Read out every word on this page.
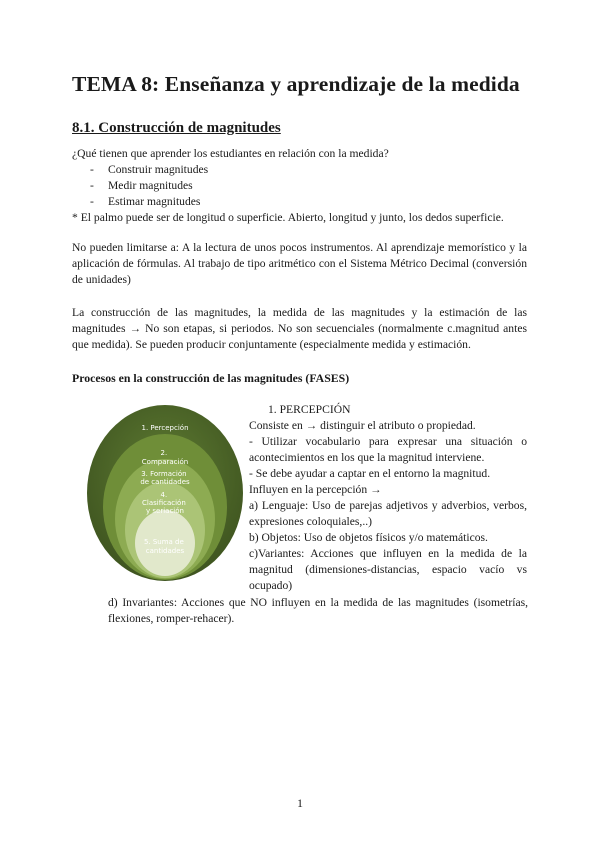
TEMA 8: Enseñanza y aprendizaje de la medida
8.1. Construcción de magnitudes

¿Qué tienen que aprender los estudiantes en relación con la medida?

- Construir magnitudes
- Medir magnitudes
- Estimar magnitudes

* El palmo puede ser de longitud o superficie. Abierto, longitud y junto, los dedos superficie.

No pueden limitarse a: A la lectura de unos pocos instrumentos. Al aprendizaje memorístico y la aplicación de fórmulas. Al trabajo de tipo aritmético con el Sistema Métrico Decimal (conversión de unidades)

La construcción de las magnitudes, la medida de las magnitudes y la estimación de las magnitudes → No son etapas, si periodos. No son secuenciales (normalmente c.magnitud antes que medida). Se pueden producir conjuntamente (especialmente medida y estimación.

Procesos en la construcción de las magnitudes (FASES)
1. Percepción
2. Comparación
3. Formación de cantidades
4. Clasificación y seriación
5. Suma de cantidades

1. PERCEPCIÓN

Consiste en → distinguir el atributo o propiedad.

- Utilizar vocabulario para expresar una situación o acontecimientos en los que la magnitud interviene.

- Se debe ayudar a captar en el entorno la magnitud.

Influyen en la percepción →

a) Lenguaje: Uso de parejas adjetivos y adverbios, verbos, expresiones coloquiales,..)

b) Objetos: Uso de objetos físicos y/o matemáticos.

c)Variantes: Acciones que influyen en la medida de la magnitud (dimensiones-distancias, espacio vacío vs ocupado)

d) Invariantes: Acciones que NO influyen en la medida de las magnitudes (isometrías, flexiones, romper-rehacer).

1
